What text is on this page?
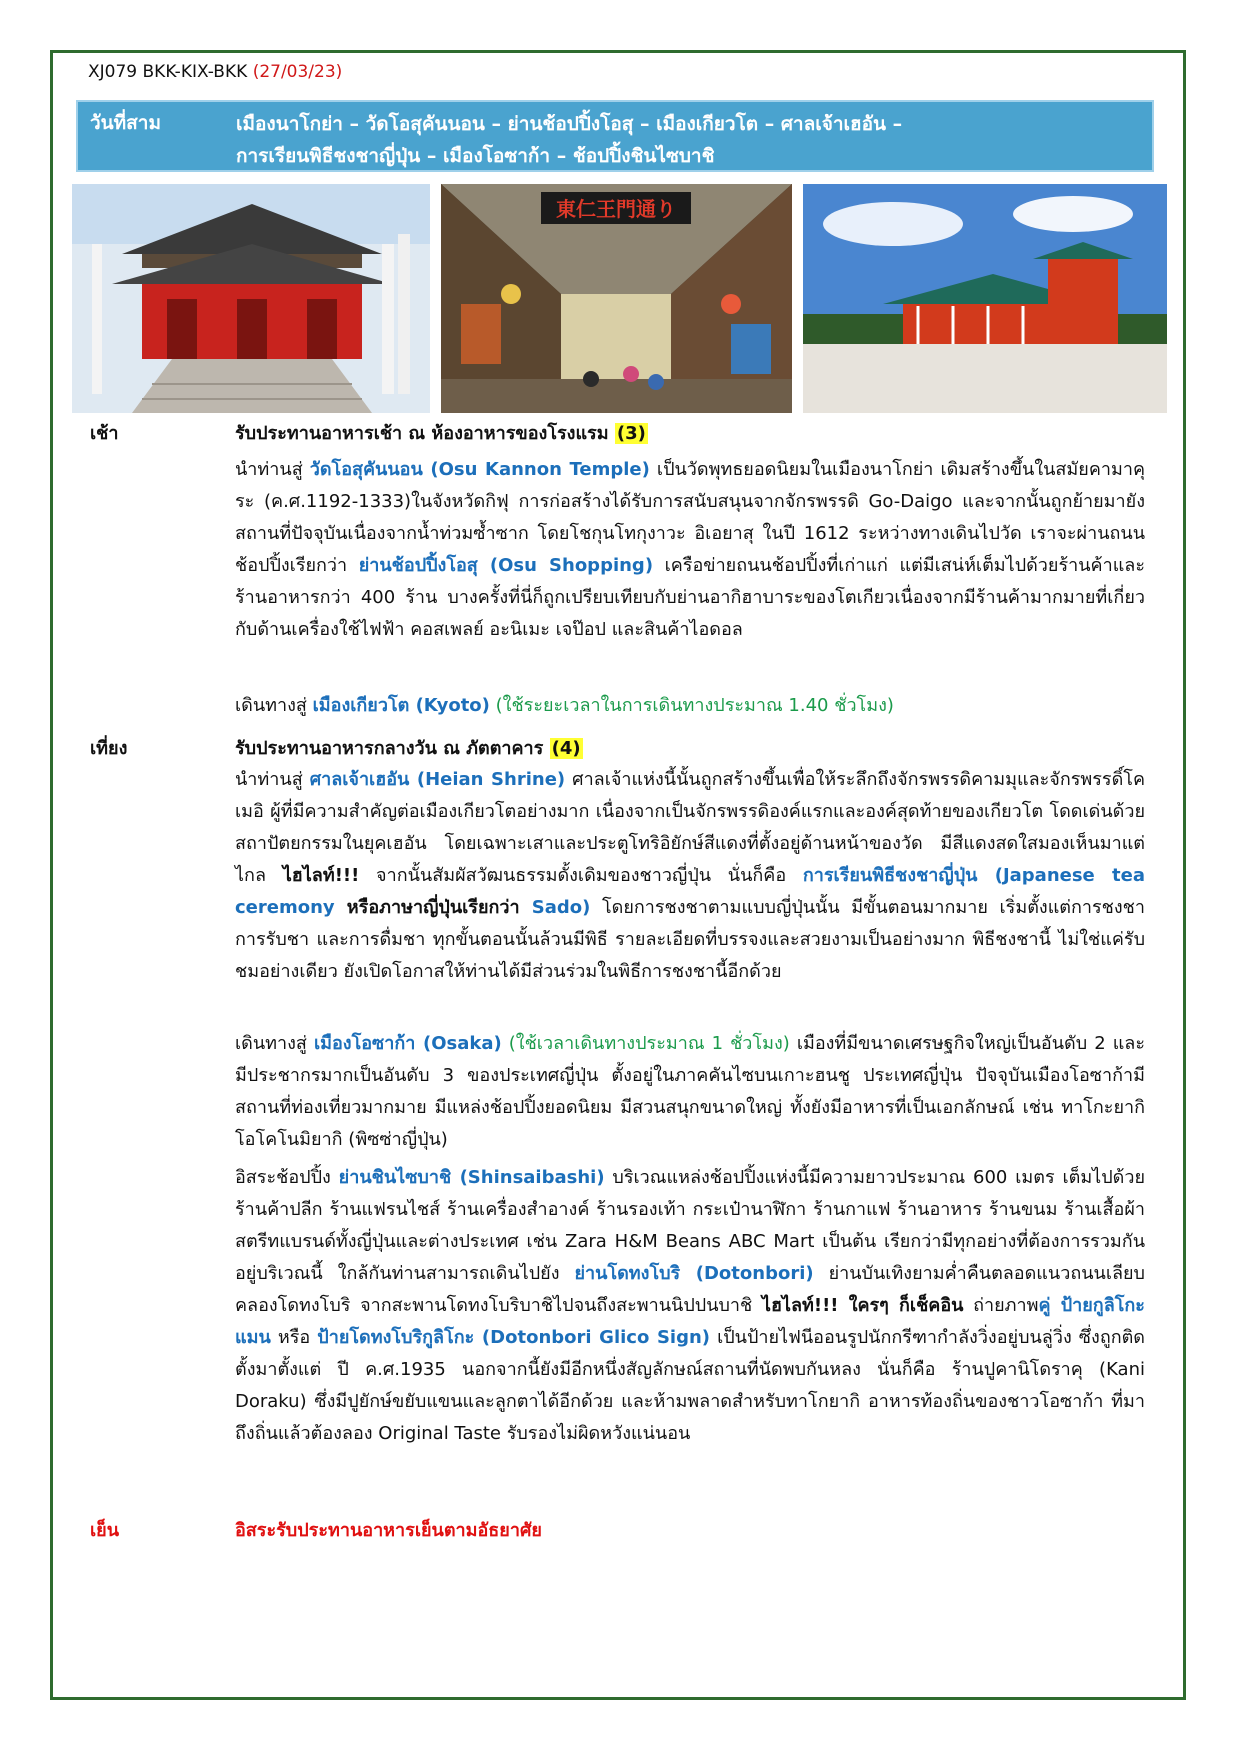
XJ079 BKK-KIX-BKK (27/03/23)
วันที่สาม	เมืองนาโกย่า – วัดโอสุคันนอน – ย่านช้อปปิ้งโอสุ – เมืองเกียวโต – ศาลเจ้าเฮอัน –
การเรียนพิธีชงชาญี่ปุ่น – เมืองโอซาก้า – ช้อปปิ้งชินไซบาชิ
東仁王門通り
เช้า	รับประทานอาหารเช้า ณ ห้องอาหารของโรงแรม (3)
นำท่านสู่ วัดโอสุคันนอน (Osu Kannon Temple) เป็นวัดพุทธยอดนิยมในเมืองนาโกย่า เดิมสร้างขึ้นในสมัยคามาคุระ (ค.ศ.1192-1333)ในจังหวัดกิฟุ การก่อสร้างได้รับการสนับสนุนจากจักรพรรดิ Go-Daigo และจากนั้นถูกย้ายมายังสถานที่ปัจจุบันเนื่องจากน้ำท่วมซ้ำซาก โดยโชกุนโทกุงาวะ อิเอยาสุ ในปี 1612 ระหว่างทางเดินไปวัด เราจะผ่านถนนช้อปปิ้งเรียกว่า ย่านช้อปปิ้งโอสุ (Osu Shopping) เครือข่ายถนนช้อปปิ้งที่เก่าแก่ แต่มีเสน่ห์เต็มไปด้วยร้านค้าและร้านอาหารกว่า 400 ร้าน บางครั้งที่นี่ก็ถูกเปรียบเทียบกับย่านอากิฮาบาระของโตเกียวเนื่องจากมีร้านค้ามากมายที่เกี่ยวกับด้านเครื่องใช้ไฟฟ้า คอสเพลย์ อะนิเมะ เจป๊อป และสินค้าไอดอล
เดินทางสู่ เมืองเกียวโต (Kyoto) (ใช้ระยะเวลาในการเดินทางประมาณ 1.40 ชั่วโมง)
เที่ยง	รับประทานอาหารกลางวัน ณ ภัตตาคาร (4)
นำท่านสู่ ศาลเจ้าเฮอัน (Heian Shrine) ศาลเจ้าแห่งนี้นั้นถูกสร้างขึ้นเพื่อให้ระลึกถึงจักรพรรดิคามมุและจักรพรรดิ์โคเมอิ ผู้ที่มีความสำคัญต่อเมืองเกียวโตอย่างมาก เนื่องจากเป็นจักรพรรดิองค์แรกและองค์สุดท้ายของเกียวโต โดดเด่นด้วยสถาปัตยกรรมในยุคเฮอัน โดยเฉพาะเสาและประตูโทริอิยักษ์สีแดงที่ตั้งอยู่ด้านหน้าของวัด มีสีแดงสดใสมองเห็นมาแต่ไกล ไฮไลท์!!! จากนั้นสัมผัสวัฒนธรรมดั้งเดิมของชาวญี่ปุ่น นั่นก็คือ การเรียนพิธีชงชาญี่ปุ่น (Japanese tea ceremony หรือภาษาญี่ปุ่นเรียกว่า Sado) โดยการชงชาตามแบบญี่ปุ่นนั้น มีขั้นตอนมากมาย เริ่มตั้งแต่การชงชา การรับชา และการดื่มชา ทุกขั้นตอนนั้นล้วนมีพิธี รายละเอียดที่บรรจงและสวยงามเป็นอย่างมาก พิธีชงชานี้ ไม่ใช่แค่รับชมอย่างเดียว ยังเปิดโอกาสให้ท่านได้มีส่วนร่วมในพิธีการชงชานี้อีกด้วย
เดินทางสู่ เมืองโอซาก้า (Osaka) (ใช้เวลาเดินทางประมาณ 1 ชั่วโมง) เมืองที่มีขนาดเศรษฐกิจใหญ่เป็นอันดับ 2 และมีประชากรมากเป็นอันดับ 3 ของประเทศญี่ปุ่น ตั้งอยู่ในภาคคันไซบนเกาะฮนชู ประเทศญี่ปุ่น ปัจจุบันเมืองโอซาก้ามีสถานที่ท่องเที่ยวมากมาย มีแหล่งช้อปปิ้งยอดนิยม มีสวนสนุกขนาดใหญ่ ทั้งยังมีอาหารที่เป็นเอกลักษณ์ เช่น ทาโกะยากิ โอโคโนมิยากิ (พิซซ่าญี่ปุ่น)
อิสระช้อปปิ้ง ย่านชินไซบาชิ (Shinsaibashi) บริเวณแหล่งช้อปปิ้งแห่งนี้มีความยาวประมาณ 600 เมตร เต็มไปด้วยร้านค้าปลีก ร้านแฟรนไชส์ ร้านเครื่องสำอางค์ ร้านรองเท้า กระเป๋านาฬิกา ร้านกาแฟ ร้านอาหาร ร้านขนม ร้านเสื้อผ้าสตรีทแบรนด์ทั้งญี่ปุ่นและต่างประเทศ เช่น Zara H&M Beans ABC Mart เป็นต้น เรียกว่ามีทุกอย่างที่ต้องการรวมกันอยู่บริเวณนี้ ใกล้กันท่านสามารถเดินไปยัง ย่านโดทงโบริ (Dotonbori) ย่านบันเทิงยามค่ำคืนตลอดแนวถนนเลียบคลองโดทงโบริ จากสะพานโดทงโบริบาชิไปจนถึงสะพานนิปปนบาชิ ไฮไลท์!!! ใครๆ ก็เช็คอิน ถ่ายภาพคู่ ป้ายกูลิโกะแมน หรือ ป้ายโดทงโบริกูลิโกะ (Dotonbori Glico Sign) เป็นป้ายไฟนีออนรูปนักกรีฑากำลังวิ่งอยู่บนลู่วิ่ง ซึ่งถูกติดตั้งมาตั้งแต่ ปี ค.ศ.1935 นอกจากนี้ยังมีอีกหนึ่งสัญลักษณ์สถานที่นัดพบกันหลง นั่นก็คือ ร้านปูคานิโดราคุ (Kani Doraku) ซึ่งมีปูยักษ์ขยับแขนและลูกตาได้อีกด้วย และห้ามพลาดสำหรับทาโกยากิ อาหารท้องถิ่นของชาวโอซาก้า ที่มาถึงถิ่นแล้วต้องลอง Original Taste รับรองไม่ผิดหวังแน่นอน
เย็น	อิสระรับประทานอาหารเย็นตามอัธยาศัย
